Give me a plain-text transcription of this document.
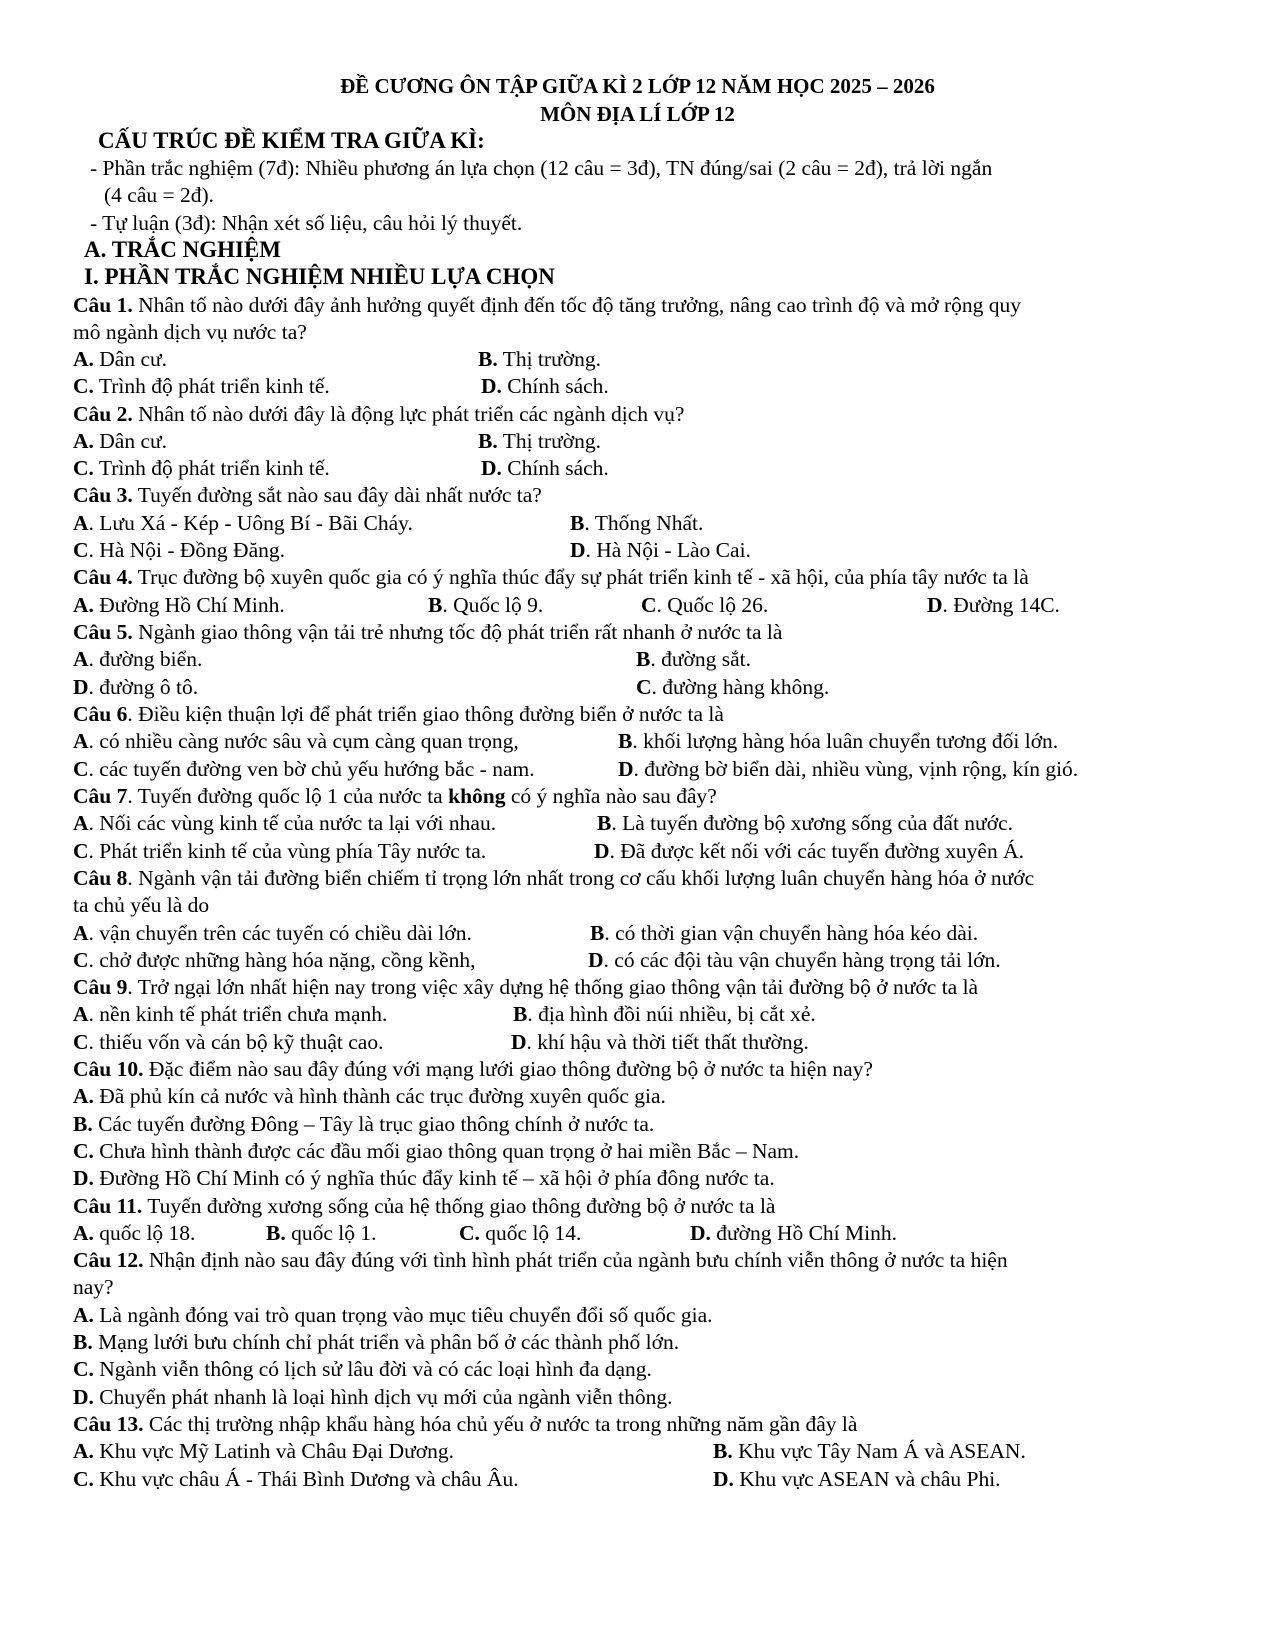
ĐỀ CƯƠNG ÔN TẬP GIỮA KÌ 2 LỚP 12 NĂM HỌC 2025 – 2026
MÔN ĐỊA LÍ LỚP 12
CẤU TRÚC ĐỀ KIỂM TRA GIỮA KÌ:
- Phần trắc nghiệm (7đ): Nhiều phương án lựa chọn (12 câu = 3đ), TN đúng/sai (2 câu = 2đ), trả lời ngắn
(4 câu = 2đ).
- Tự luận (3đ): Nhận xét số liệu, câu hỏi lý thuyết.
A. TRẮC NGHIỆM
I. PHẦN TRẮC NGHIỆM NHIỀU LỰA CHỌN
Câu 1. Nhân tố nào dưới đây ảnh hưởng quyết định đến tốc độ tăng trưởng, nâng cao trình độ và mở rộng quy
mô ngành dịch vụ nước ta?
A. Dân cư.	B. Thị trường.
C. Trình độ phát triển kinh tế.	D. Chính sách.
Câu 2. Nhân tố nào dưới đây là động lực phát triển các ngành dịch vụ?
A. Dân cư.	B. Thị trường.
C. Trình độ phát triển kinh tế.	D. Chính sách.
Câu 3. Tuyến đường sắt nào sau đây dài nhất nước ta?
A. Lưu Xá - Kép - Uông Bí - Bãi Cháy.	B. Thống Nhất.
C. Hà Nội - Đồng Đăng.	D. Hà Nội - Lào Cai.
Câu 4. Trục đường bộ xuyên quốc gia có ý nghĩa thúc đẩy sự phát triển kinh tế - xã hội, của phía tây nước ta là
A. Đường Hồ Chí Minh.	B. Quốc lộ 9.	C. Quốc lộ 26.	D. Đường 14C.
Câu 5. Ngành giao thông vận tải trẻ nhưng tốc độ phát triển rất nhanh ở nước ta là
A. đường biển.	B. đường sắt.
D. đường ô tô.	C. đường hàng không.
Câu 6. Điều kiện thuận lợi để phát triển giao thông đường biển ở nước ta là
A. có nhiều càng nước sâu và cụm càng quan trọng,	B. khối lượng hàng hóa luân chuyển tương đối lớn.
C. các tuyến đường ven bờ chủ yếu hướng bắc - nam.	D. đường bờ biển dài, nhiều vùng, vịnh rộng, kín gió.
Câu 7. Tuyến đường quốc lộ 1 của nước ta không có ý nghĩa nào sau đây?
A. Nối các vùng kinh tế của nước ta lại với nhau.	B. Là tuyến đường bộ xương sống của đất nước.
C. Phát triển kinh tế của vùng phía Tây nước ta.	D. Đã được kết nối với các tuyến đường xuyên Á.
Câu 8. Ngành vận tải đường biển chiếm tỉ trọng lớn nhất trong cơ cấu khối lượng luân chuyển hàng hóa ở nước
ta chủ yếu là do
A. vận chuyển trên các tuyến có chiều dài lớn.	B. có thời gian vận chuyển hàng hóa kéo dài.
C. chở được những hàng hóa nặng, cồng kềnh,	D. có các đội tàu vận chuyển hàng trọng tải lớn.
Câu 9. Trở ngại lớn nhất hiện nay trong việc xây dựng hệ thống giao thông vận tải đường bộ ở nước ta là
A. nền kinh tế phát triển chưa mạnh.	B. địa hình đồi núi nhiều, bị cắt xẻ.
C. thiếu vốn và cán bộ kỹ thuật cao.	D. khí hậu và thời tiết thất thường.
Câu 10. Đặc điểm nào sau đây đúng với mạng lưới giao thông đường bộ ở nước ta hiện nay?
A. Đã phủ kín cả nước và hình thành các trục đường xuyên quốc gia.
B. Các tuyến đường Đông – Tây là trục giao thông chính ở nước ta.
C. Chưa hình thành được các đầu mối giao thông quan trọng ở hai miền Bắc – Nam.
D. Đường Hồ Chí Minh có ý nghĩa thúc đẩy kinh tế – xã hội ở phía đông nước ta.
Câu 11. Tuyến đường xương sống của hệ thống giao thông đường bộ ở nước ta là
A. quốc lộ 18.	B. quốc lộ 1.	C. quốc lộ 14.	D. đường Hồ Chí Minh.
Câu 12. Nhận định nào sau đây đúng với tình hình phát triển của ngành bưu chính viễn thông ở nước ta hiện
nay?
A. Là ngành đóng vai trò quan trọng vào mục tiêu chuyển đổi số quốc gia.
B. Mạng lưới bưu chính chỉ phát triển và phân bố ở các thành phố lớn.
C. Ngành viễn thông có lịch sử lâu đời và có các loại hình đa dạng.
D. Chuyển phát nhanh là loại hình dịch vụ mới của ngành viễn thông.
Câu 13. Các thị trường nhập khẩu hàng hóa chủ yếu ở nước ta trong những năm gần đây là
A. Khu vực Mỹ Latinh và Châu Đại Dương.	B. Khu vực Tây Nam Á và ASEAN.
C. Khu vực châu Á - Thái Bình Dương và châu Âu.	D. Khu vực ASEAN và châu Phi.
